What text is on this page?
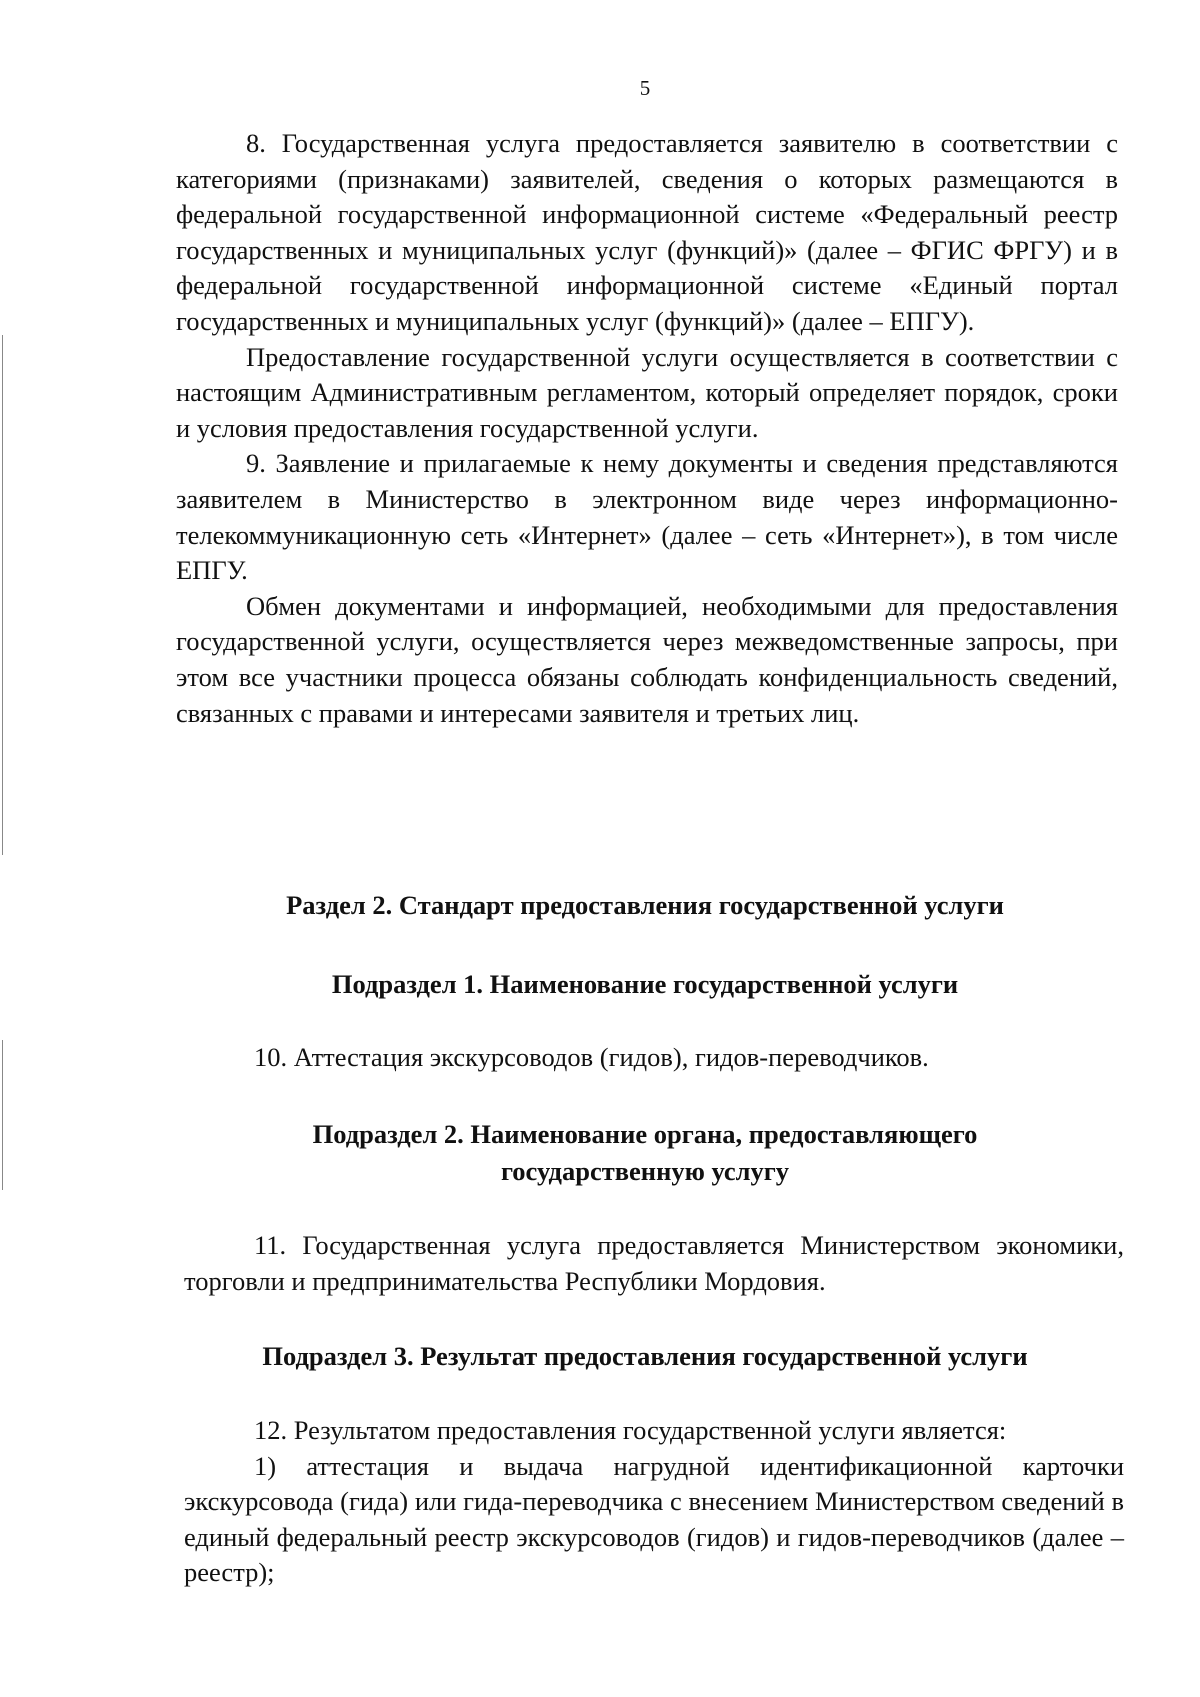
5

8. Государственная услуга предоставляется заявителю в соответствии с категориями (признаками) заявителей, сведения о которых размещаются в федеральной государственной информационной системе «Федеральный реестр государственных и муниципальных услуг (функций)» (далее – ФГИС ФРГУ) и в федеральной государственной информационной системе «Единый портал государственных и муниципальных услуг (функций)» (далее – ЕПГУ).

Предоставление государственной услуги осуществляется в соответствии с настоящим Административным регламентом, который определяет порядок, сроки и условия предоставления государственной услуги.

9. Заявление и прилагаемые к нему документы и сведения представляются заявителем в Министерство в электронном виде через информационно-телекоммуникационную сеть «Интернет» (далее – сеть «Интернет»), в том числе ЕПГУ.

Обмен документами и информацией, необходимыми для предоставления государственной услуги, осуществляется через межведомственные запросы, при этом все участники процесса обязаны соблюдать конфиденциальность сведений, связанных с правами и интересами заявителя и третьих лиц.

Раздел 2. Стандарт предоставления государственной услуги
Подраздел 1. Наименование государственной услуги

10. Аттестация экскурсоводов (гидов), гидов-переводчиков.

Подраздел 2. Наименование органа, предоставляющего
государственную услугу

11. Государственная услуга предоставляется Министерством экономики, торговли и предпринимательства Республики Мордовия.

Подраздел 3. Результат предоставления государственной услуги

12. Результатом предоставления государственной услуги является:

1) аттестация и выдача нагрудной идентификационной карточки экскурсовода (гида) или гида-переводчика с внесением Министерством сведений в единый федеральный реестр экскурсоводов (гидов) и гидов-переводчиков (далее – реестр);
